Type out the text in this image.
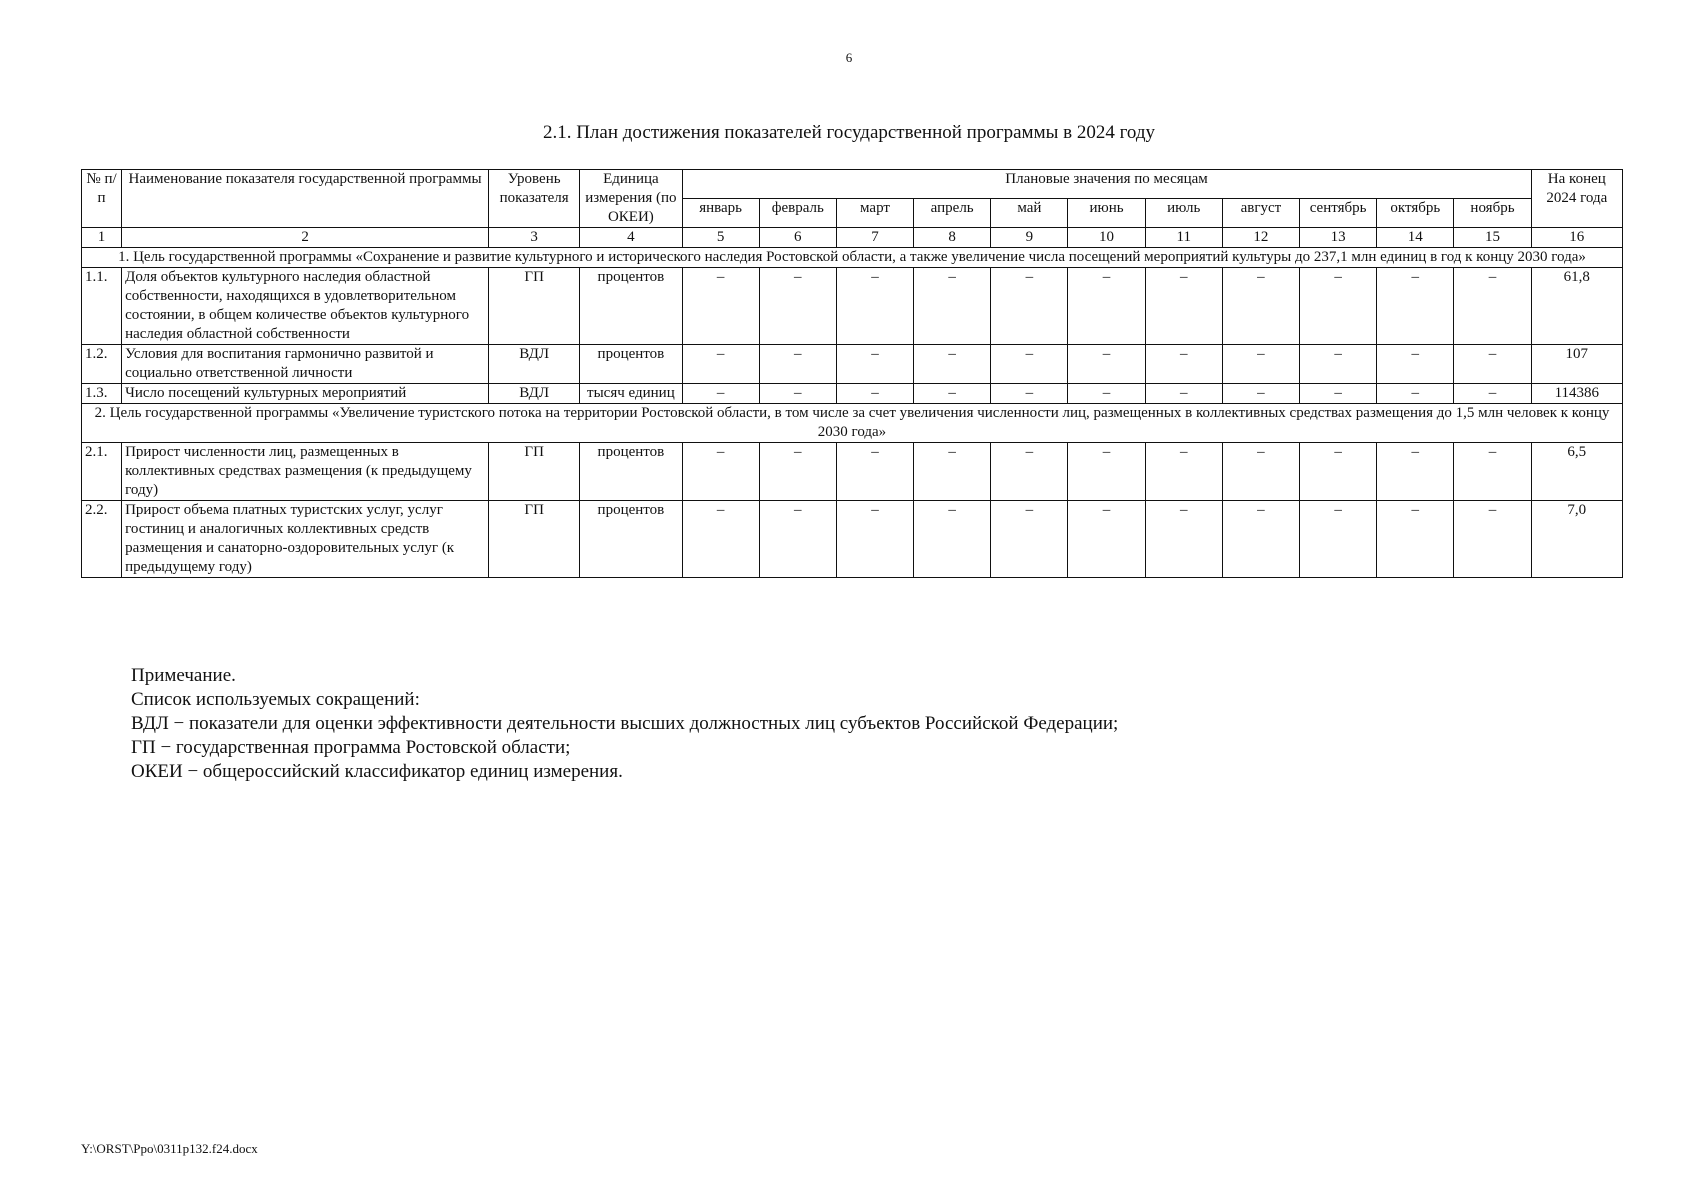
6
2.1. План достижения показателей государственной программы в 2024 году
№ п/п	Наименование показателя государственной программы	Уровень показателя	Единица измерения (по ОКЕИ)	Плановые значения по месяцам											На конец 2024 года
				январь	февраль	март	апрель	май	июнь	июль	август	сентябрь	октябрь	ноябрь	
1	2	3	4	5	6	7	8	9	10	11	12	13	14	15	16
1. Цель государственной программы «Сохранение и развитие культурного и исторического наследия Ростовской области, а также увеличение числа посещений мероприятий культуры до 237,1 млн единиц в год к концу 2030 года»															
1.1.	Доля объектов культурного наследия областной собственности, находящихся в удовлетворительном состоянии, в общем количестве объектов культурного наследия областной собственности	ГП	процентов	–	–	–	–	–	–	–	–	–	–	–	61,8
1.2.	Условия для воспитания гармонично развитой и социально ответственной личности	ВДЛ	процентов	–	–	–	–	–	–	–	–	–	–	–	107
1.3.	Число посещений культурных мероприятий	ВДЛ	тысяч единиц	–	–	–	–	–	–	–	–	–	–	–	114386
2. Цель государственной программы «Увеличение туристского потока на территории Ростовской области, в том числе за счет увеличения численности лиц, размещенных в коллективных средствах размещения до 1,5 млн человек к концу 2030 года»															
2.1.	Прирост численности лиц, размещенных в коллективных средствах размещения (к предыдущему году)	ГП	процентов	–	–	–	–	–	–	–	–	–	–	–	6,5
2.2.	Прирост объема платных туристских услуг, услуг гостиниц и аналогичных коллективных средств размещения и санаторно-оздоровительных услуг (к предыдущему году)	ГП	процентов	–	–	–	–	–	–	–	–	–	–	–	7,0
Примечание.
Список используемых сокращений:
ВДЛ − показатели для оценки эффективности деятельности высших должностных лиц субъектов Российской Федерации;
ГП − государственная программа Ростовской области;
ОКЕИ − общероссийский классификатор единиц измерения.
Y:\ORST\Ppo\0311p132.f24.docx
